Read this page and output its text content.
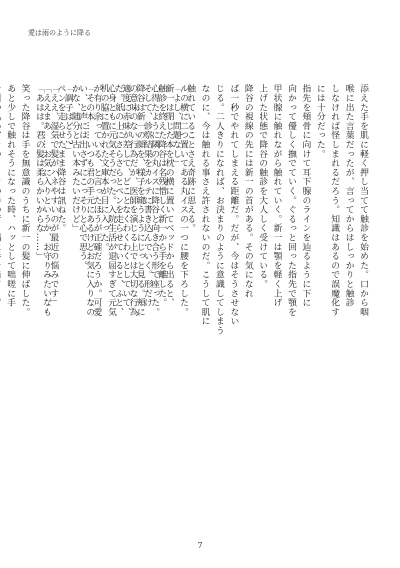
愛は雨のように降る
添えた手を肌に軽く押し当てて触診を始めた。口から咽
喉に出た言葉だったが、言ってからはしっかりと触診
しなければ怪しまれるだろう。知識はあるので誤魔化す
には十分だった。
指先を頬骨に向けて耳下腺のラインを辿るように下に
向かって優しく撫でていく。ぐるっと回った指先で顎を
甲状腺に触れながら触れていく。新一は顎を軽く上げ
上げた状態で降谷の触診を大人しく受けている。
降谷の視線の先には新一の首がある。その気になれ
ば一秒でやれてしまえる距離だ。だが、今はそうさせない
じる。二人きりになれば、お決まりのように意識してしまう
なのに、今は触れる事さえ許されないのだ。こうして肌に
触れていることさえ奇跡に思える。
「よし、問題なし」
触診を終えた降谷は名残惜しく新一から手を離した。
そして、診察結果をカルテに書き込んでいく。形だけ
の意味のない行為だが、医師を演じる上では大切な行為
だ。紙の上にさらさらとペンを走らせていると、ふと、
机の脇に置かれた文庫本が目に入った。
「その本……いつも君の手元にあるけどお気に入りなの
かな、随分と古い本みたいだけど」
ペンを走らせたまま降谷は訊ねた。
「ええまあ……お気に入りというか、お守りみたいなも	ルの横に二つ置いてある丸イスの一つに腰を下ろした。
新一は閉じた本を枕の横に置いてベッドから出ると、
心得たように隣の丸イスに降谷と向き合う形で座った。
降谷は新一の顔を、様子を窺うようにじっと見る。頬に
適度に赤味が差して、どことなくわくわくとしていて、
心身ともに元気そうだった。入院生活が退屈すぎて元気
が有り余っている、と言ったほうが正確だろうか。可愛
い、と声には出さずにこっそりと心で思う。
「調子はどう?」
「ええ、湿気で髪がハネやすいのが最近の悩みです」
「あはは。君の髪は柔らかいからな……」
笑った降谷は手を無意識のうちに新一の髪に伸ばした。
あと少しで触れそうになった時、ハッとして咄嗟に手
7
